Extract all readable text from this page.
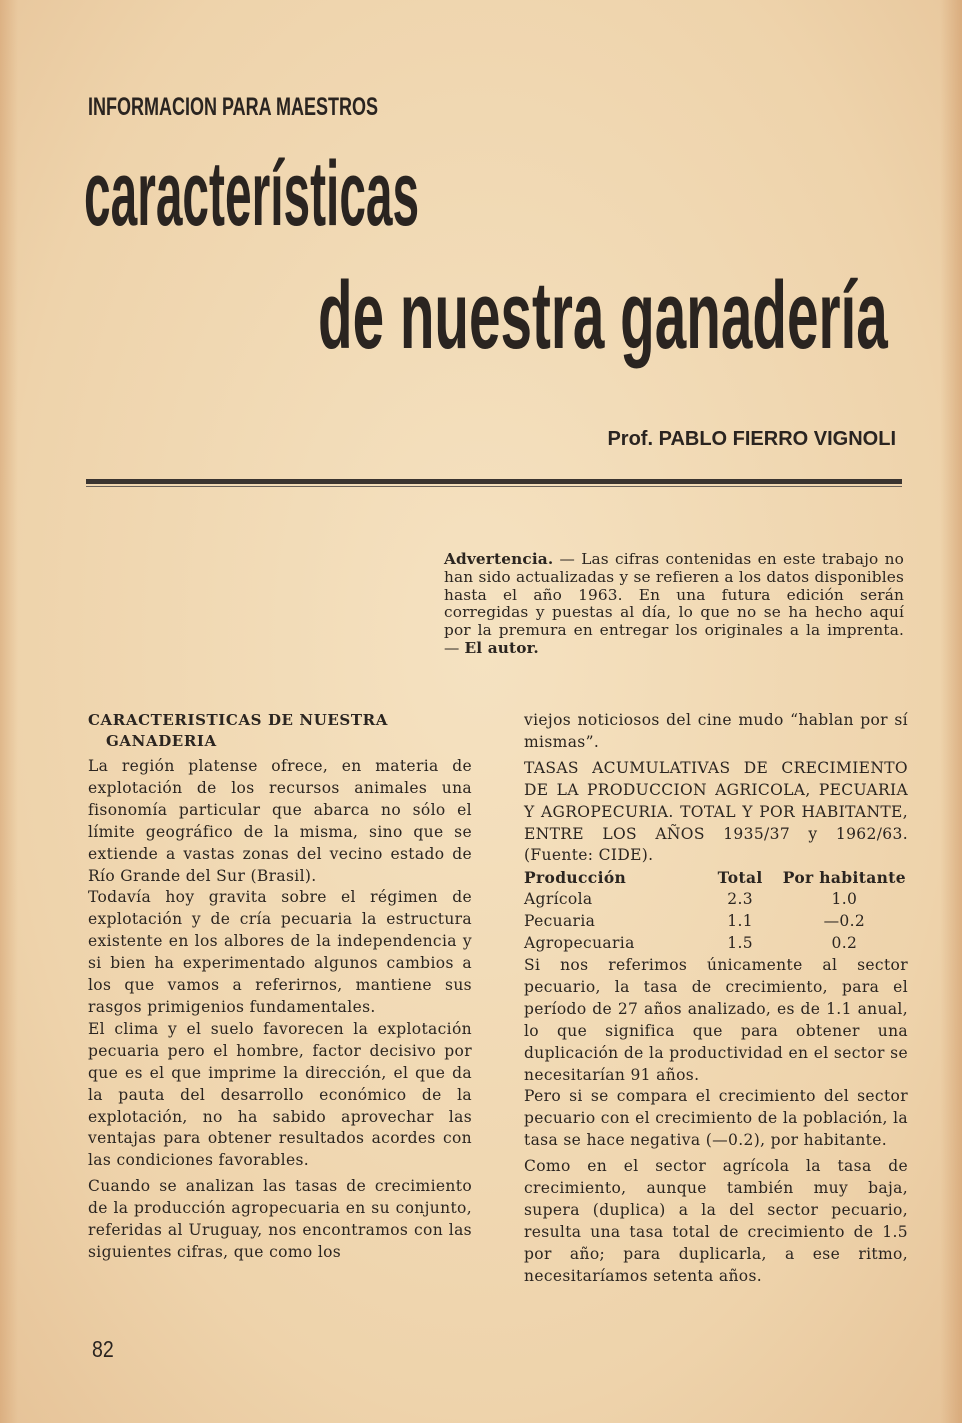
INFORMACION PARA MAESTROS
características
de nuestra ganadería
Prof. PABLO FIERRO VIGNOLI
Advertencia. — Las cifras contenidas en este trabajo no han sido actualizadas y se refieren a los datos disponibles hasta el año 1963. En una futura edición serán corregidas y puestas al día, lo que no se ha hecho aquí por la premura en entregar los originales a la imprenta. — El autor.
CARACTERISTICAS DE NUESTRA
GANADERIA

La región platense ofrece, en materia de explotación de los recursos animales una fisonomía particular que abarca no sólo el límite geográfico de la misma, sino que se extiende a vastas zonas del vecino estado de Río Grande del Sur (Brasil).

Todavía hoy gravita sobre el régimen de explotación y de cría pecuaria la estructura existente en los albores de la independencia y si bien ha experimentado algunos cambios a los que vamos a referirnos, mantiene sus rasgos primigenios fundamentales.

El clima y el suelo favorecen la explotación pecuaria pero el hombre, factor decisivo por que es el que imprime la dirección, el que da la pauta del desarrollo económico de la explotación, no ha sabido aprovechar las ventajas para obtener resultados acordes con las condiciones favorables.

Cuando se analizan las tasas de crecimiento de la producción agropecuaria en su conjunto, referidas al Uruguay, nos encontramos con las siguientes cifras, que como los

viejos noticiosos del cine mudo “hablan por sí mismas”.

TASAS ACUMULATIVAS DE CRECIMIENTO DE LA PRODUCCION AGRICOLA, PECUARIA Y AGROPECURIA. TOTAL Y POR HABITANTE, ENTRE LOS AÑOS 1935/37 y 1962/63. (Fuente: CIDE).

Producción	Total	Por habitante
Agrícola	2.3	1.0
Pecuaria	1.1	—0.2
Agropecuaria	1.5	0.2

Si nos referimos únicamente al sector pecuario, la tasa de crecimiento, para el período de 27 años analizado, es de 1.1 anual, lo que significa que para obtener una duplicación de la productividad en el sector se necesitarían 91 años.

Pero si se compara el crecimiento del sector pecuario con el crecimiento de la población, la tasa se hace negativa (—0.2), por habitante.

Como en el sector agrícola la tasa de crecimiento, aunque también muy baja, supera (duplica) a la del sector pecuario, resulta una tasa total de crecimiento de 1.5 por año; para duplicarla, a ese ritmo, necesitaríamos setenta años.

82
